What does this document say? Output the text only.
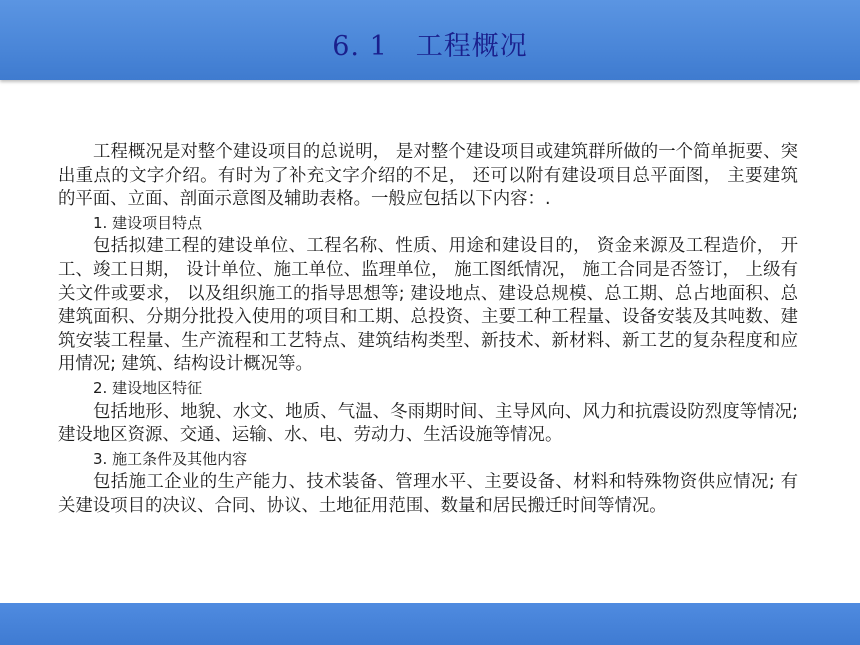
6. 1　工程概况

工程概况是对整个建设项目的总说明， 是对整个建设项目或建筑群所做的一个简单扼要、突出重点的文字介绍。有时为了补充文字介绍的不足， 还可以附有建设项目总平面图， 主要建筑的平面、立面、剖面示意图及辅助表格。一般应包括以下内容：.

1. 建设项目特点

包括拟建工程的建设单位、工程名称、性质、用途和建设目的， 资金来源及工程造价， 开工、竣工日期， 设计单位、施工单位、监理单位， 施工图纸情况， 施工合同是否签订， 上级有关文件或要求， 以及组织施工的指导思想等; 建设地点、建设总规模、总工期、总占地面积、总建筑面积、分期分批投入使用的项目和工期、总投资、主要工种工程量、设备安装及其吨数、建筑安装工程量、生产流程和工艺特点、建筑结构类型、新技术、新材料、新工艺的复杂程度和应用情况; 建筑、结构设计概况等。

2. 建设地区特征

包括地形、地貌、水文、地质、气温、冬雨期时间、主导风向、风力和抗震设防烈度等情况; 建设地区资源、交通、运输、水、电、劳动力、生活设施等情况。

3. 施工条件及其他内容

包括施工企业的生产能力、技术装备、管理水平、主要设备、材料和特殊物资供应情况; 有关建设项目的决议、合同、协议、土地征用范围、数量和居民搬迁时间等情况。
